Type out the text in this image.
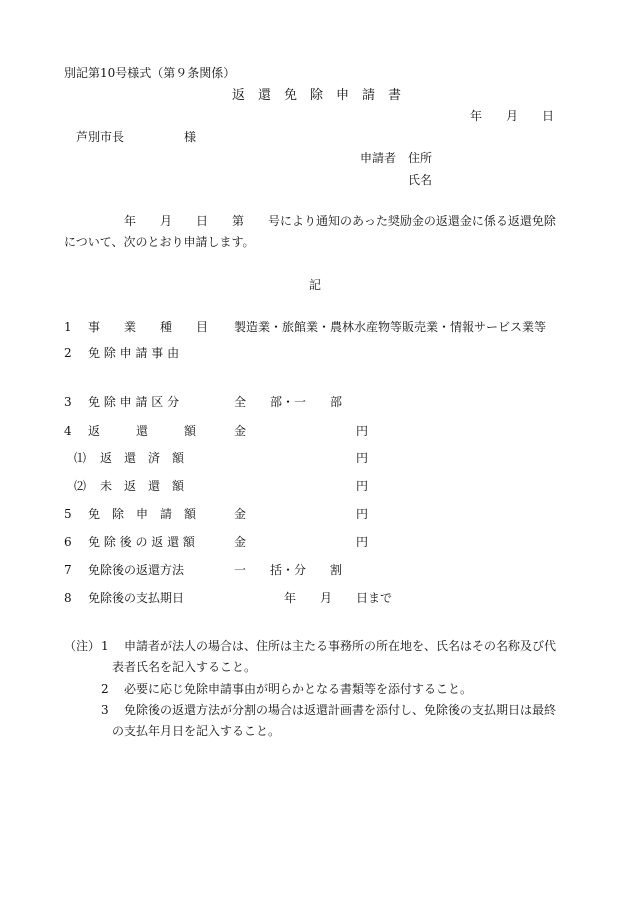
別記第10号様式（第９条関係）
返　還　免　除　申　請　書
年　　月　　日
芦別市長　　　　　様
申請者 住所
氏名
年　　月　　日　　第　　号により通知のあった奨励金の返還金に係る返還免除
について、次のとおり申請します。
記
1 事　　業　　種　　目 製造業・旅館業・農林水産物等販売業・情報サービス業等
2 免 除 申 請 事 由
3 免 除 申 請 区 分	全　　部・一　　部
4 返　　　還　　　額	金	円
⑴ 返　還　済　額	円
⑵ 未　返　還　額	円
5 免　除　申　請　額	金	円
6 免 除 後 の 返 還 額	金	円
7 免除後の返還方法	一　　括・分　　割
8 免除後の支払期日	年　　月　　日まで
（注） 1 申請者が法人の場合は、住所は主たる事務所の所在地を、氏名はその名称及び代
表者氏名を記入すること。
2 必要に応じ免除申請事由が明らかとなる書類等を添付すること。
3 免除後の返還方法が分割の場合は返還計画書を添付し、免除後の支払期日は最終
の支払年月日を記入すること。
